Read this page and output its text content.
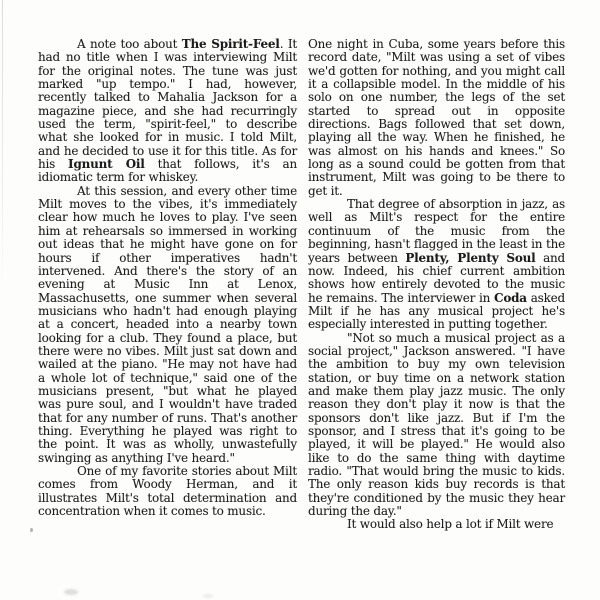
A note too about The Spirit-Feel. It had no title when I was interviewing Milt for the original notes. The tune was just marked "up tempo." I had, however, recently talked to Mahalia Jackson for a magazine piece, and she had recurringly used the term, "spirit-feel," to describe what she looked for in music. I told Milt, and he decided to use it for this title. As for his Ignunt Oil that follows, it's an idiomatic term for whiskey.

At this session, and every other time Milt moves to the vibes, it's immediately clear how much he loves to play. I've seen him at rehearsals so immersed in working out ideas that he might have gone on for hours if other imperatives hadn't intervened. And there's the story of an evening at Music Inn at Lenox, Massachusetts, one summer when several musicians who hadn't had enough playing at a concert, headed into a nearby town looking for a club. They found a place, but there were no vibes. Milt just sat down and wailed at the piano. "He may not have had a whole lot of technique," said one of the musicians present, "but what he played was pure soul, and I wouldn't have traded that for any number of runs. That's another thing. Everything he played was right to the point. It was as wholly, unwastefully swinging as anything I've heard."

One of my favorite stories about Milt comes from Woody Herman, and it illustrates Milt's total determination and concentration when it comes to music.

One night in Cuba, some years before this record date, "Milt was using a set of vibes we'd gotten for nothing, and you might call it a collapsible model. In the middle of his solo on one number, the legs of the set started to spread out in opposite directions. Bags followed that set down, playing all the way. When he finished, he was almost on his hands and knees." So long as a sound could be gotten from that instrument, Milt was going to be there to get it.

That degree of absorption in jazz, as well as Milt's respect for the entire continuum of the music from the beginning, hasn't flagged in the least in the years between Plenty, Plenty Soul and now. Indeed, his chief current ambition shows how entirely devoted to the music he remains. The interviewer in Coda asked Milt if he has any musical project he's especially interested in putting together.

"Not so much a musical project as a social project," Jackson answered. "I have the ambition to buy my own television station, or buy time on a network station and make them play jazz music. The only reason they don't play it now is that the sponsors don't like jazz. But if I'm the sponsor, and I stress that it's going to be played, it will be played." He would also like to do the same thing with daytime radio. "That would bring the music to kids. The only reason kids buy records is that they're conditioned by the music they hear during the day."

It would also help a lot if Milt were
